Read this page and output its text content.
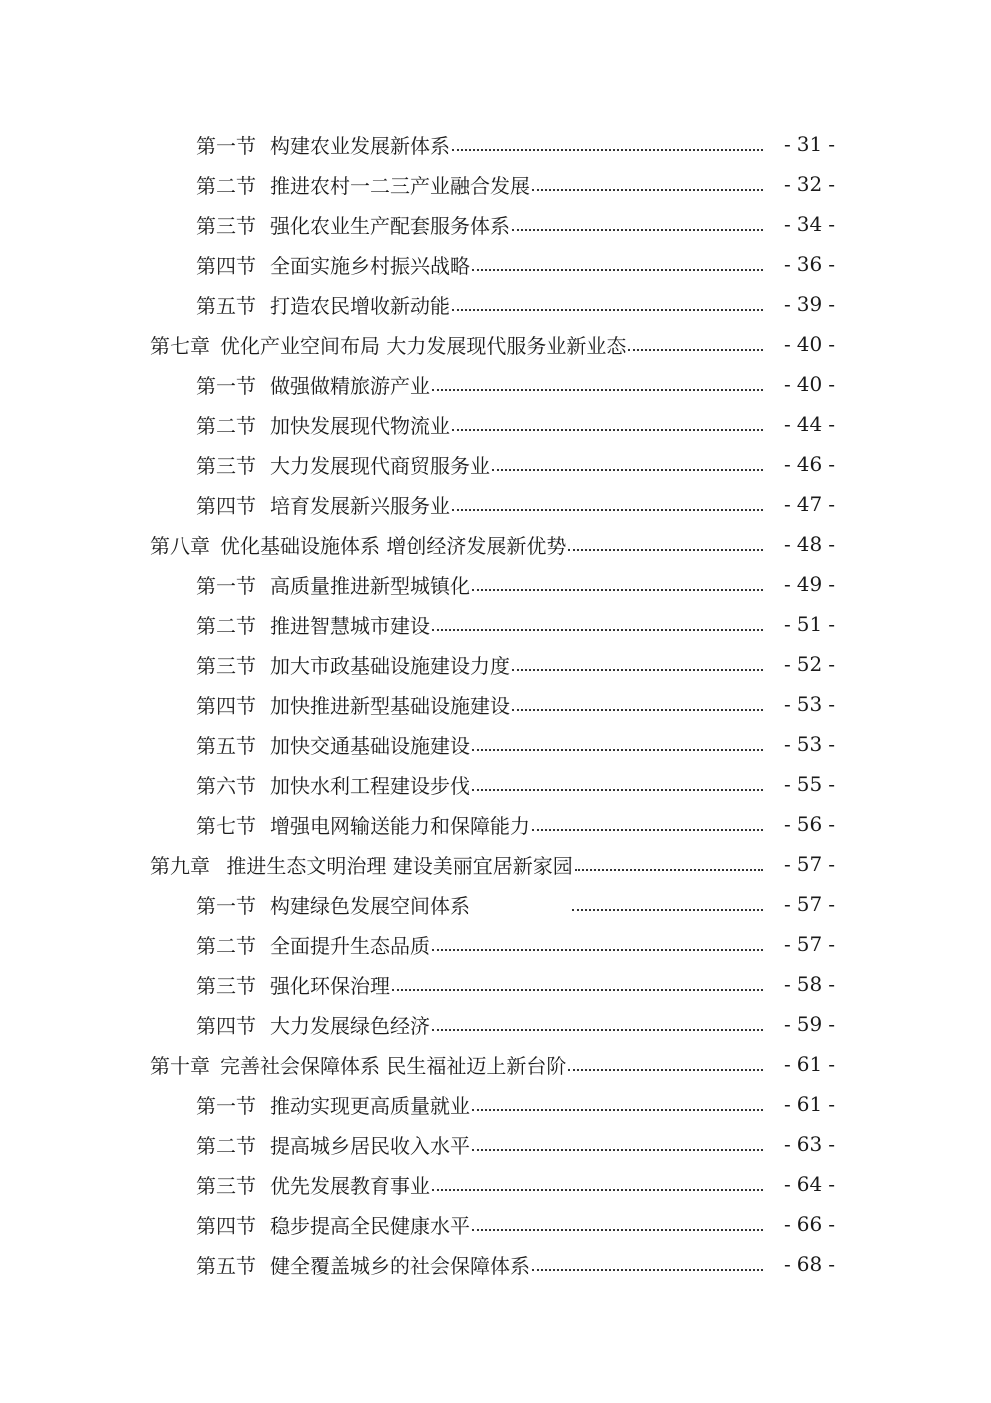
第一节 构建农业发展新体系	- 31 -
第二节 推进农村一二三产业融合发展	- 32 -
第三节 强化农业生产配套服务体系	- 34 -
第四节 全面实施乡村振兴战略	- 36 -
第五节 打造农民增收新动能	- 39 -
第七章 优化产业空间布局 大力发展现代服务业新业态	- 40 -
第一节 做强做精旅游产业	- 40 -
第二节 加快发展现代物流业	- 44 -
第三节 大力发展现代商贸服务业	- 46 -
第四节 培育发展新兴服务业	- 47 -
第八章 优化基础设施体系 增创经济发展新优势	- 48 -
第一节 高质量推进新型城镇化	- 49 -
第二节 推进智慧城市建设	- 51 -
第三节 加大市政基础设施建设力度	- 52 -
第四节 加快推进新型基础设施建设	- 53 -
第五节 加快交通基础设施建设	- 53 -
第六节 加快水利工程建设步伐	- 55 -
第七节 增强电网输送能力和保障能力	- 56 -
第九章 推进生态文明治理 建设美丽宜居新家园	- 57 -
第一节 构建绿色发展空间体系	- 57 -
第二节 全面提升生态品质	- 57 -
第三节 强化环保治理	- 58 -
第四节 大力发展绿色经济	- 59 -
第十章 完善社会保障体系 民生福祉迈上新台阶	- 61 -
第一节 推动实现更高质量就业	- 61 -
第二节 提高城乡居民收入水平	- 63 -
第三节 优先发展教育事业	- 64 -
第四节 稳步提高全民健康水平	- 66 -
第五节 健全覆盖城乡的社会保障体系	- 68 -
